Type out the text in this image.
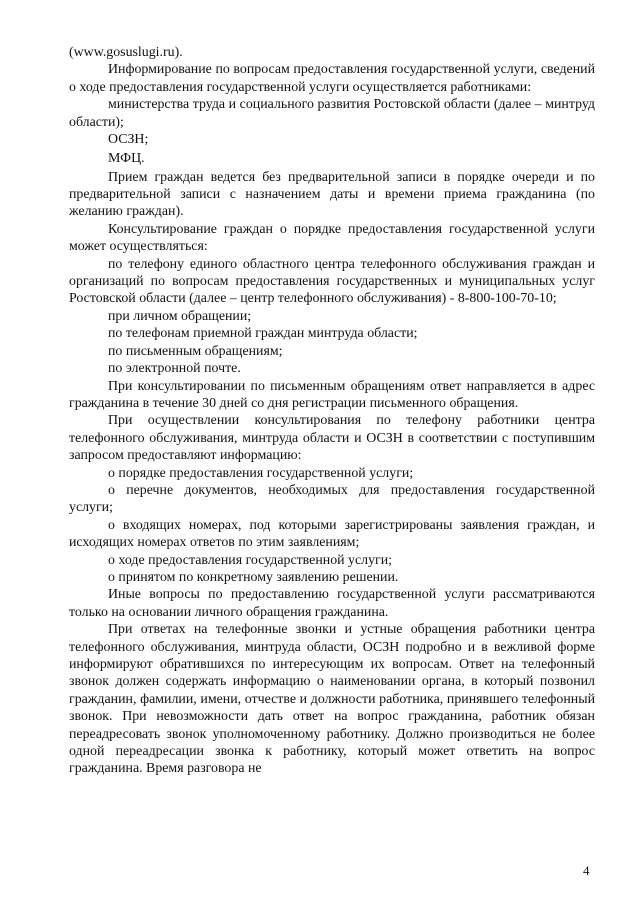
(www.gosuslugi.ru).

Информирование по вопросам предоставления государственной услуги, сведений о ходе предоставления государственной услуги осуществляется работниками:

министерства труда и социального развития Ростовской области (далее – минтруд области);

ОСЗН;

МФЦ.

Прием граждан ведется без предварительной записи в порядке очереди и по предварительной записи с назначением даты и времени приема гражданина (по желанию граждан).

Консультирование граждан о порядке предоставления государственной услуги может осуществляться:

по телефону единого областного центра телефонного обслуживания граждан и организаций по вопросам предоставления государственных и муниципальных услуг Ростовской области (далее – центр телефонного обслуживания) - 8-800-100-70-10;

при личном обращении;

по телефонам приемной граждан минтруда области;

по письменным обращениям;

по электронной почте.

При консультировании по письменным обращениям ответ направляется в адрес гражданина в течение 30 дней со дня регистрации письменного обращения.

При осуществлении консультирования по телефону работники центра телефонного обслуживания, минтруда области и ОСЗН в соответствии с поступившим запросом предоставляют информацию:

о порядке предоставления государственной услуги;

о перечне документов, необходимых для предоставления государственной услуги;

о входящих номерах, под которыми зарегистрированы заявления граждан, и исходящих номерах ответов по этим заявлениям;

о ходе предоставления государственной услуги;

о принятом по конкретному заявлению решении.

Иные вопросы по предоставлению государственной услуги рассматриваются только на основании личного обращения гражданина.

При ответах на телефонные звонки и устные обращения работники центра телефонного обслуживания, минтруда области, ОСЗН подробно и в вежливой форме информируют обратившихся по интересующим их вопросам. Ответ на телефонный звонок должен содержать информацию о наименовании органа, в который позвонил гражданин, фамилии, имени, отчестве и должности работника, принявшего телефонный звонок. При невозможности дать ответ на вопрос гражданина, работник обязан переадресовать звонок уполномоченному работнику. Должно производиться не более одной переадресации звонка к работнику, который может ответить на вопрос гражданина. Время разговора не

4
